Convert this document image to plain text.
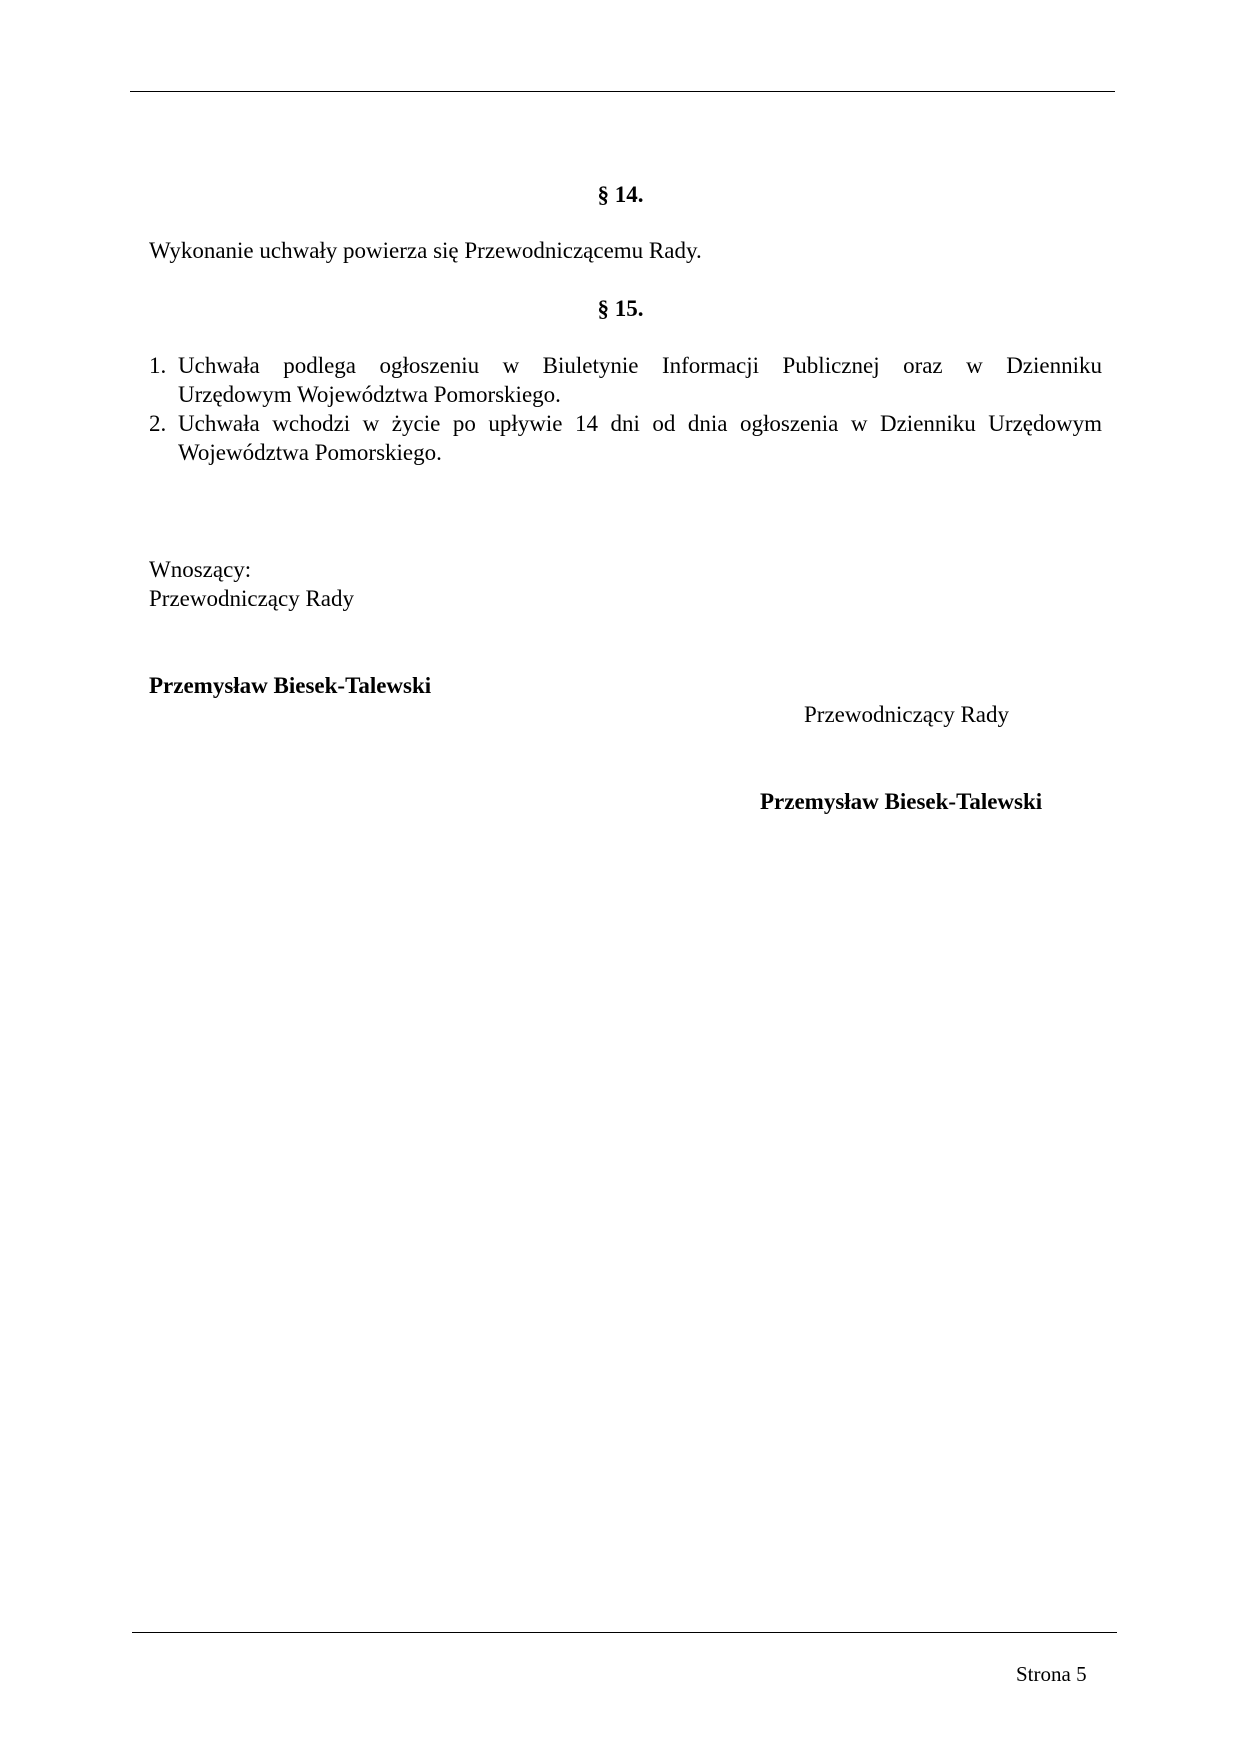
§ 14.
Wykonanie uchwały powierza się Przewodniczącemu Rady.
§ 15.
1. Uchwała podlega ogłoszeniu w Biuletynie Informacji Publicznej oraz w Dzienniku
Urzędowym Województwa Pomorskiego.
2. Uchwała wchodzi w życie po upływie 14 dni od dnia ogłoszenia w Dzienniku Urzędowym
Województwa Pomorskiego.
Wnoszący:
Przewodniczący Rady
Przemysław Biesek-Talewski
Przewodniczący Rady
Przemysław Biesek-Talewski
Strona 5
